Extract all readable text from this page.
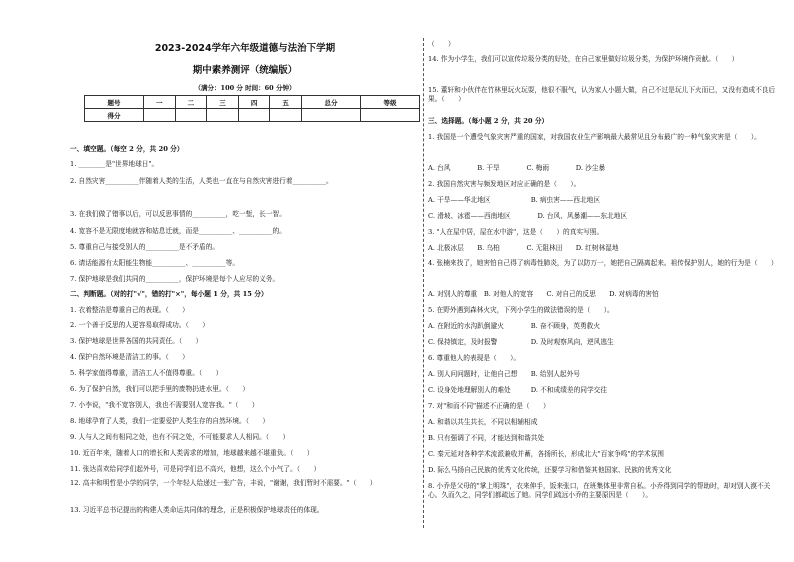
2023-2024学年六年级道德与法治下学期
期中素养测评（统编版）
（满分：100 分 时间：60 分钟）
题号	一	二	三	四	五	总分	等级
得分							
一、填空题。（每空 2 分，共 20 分）
1. ________是"世界地球日"。
2. 自然灾害__________伴随着人类的生活，人类也一直在与自然灾害进行着__________。
3. 在我们做了错事以后，可以反思事情的__________，吃一堑，长一智。
4. 宽容不是无限度地就容和姑息迁就，而是__________、__________的。
5. 尊重自己与接受别人的__________是不矛盾的。
6. 请话能源有太阳能生物能__________、__________等。
7. 保护地球是我们共同的__________，保护环境是每个人应尽的义务。
二、判断题。（对的打"√"，错的打"×"，每小题 1 分，共 15 分）
1. 衣着整洁是尊重自己的表现。（　　）
2. 一个善于反思的人更容易取得成功。（　　）
3. 保护地球是世界各国的共同责任。（　　）
4. 保护自然环境是清洁工的事。（　　）
5. 科学家值得尊重，清洁工人不值得尊重。（　　）
6. 为了保护自然，我们可以把手里的废物扔进水里。（　　）
7. 小李说，"我不宽容别人，我也不需要别人宽容我。"（　　）
8. 地球孕育了人类，我们一定要爱护人类生存的自然环境。（　　）
9. 人与人之间有相同之处，也有不同之处，不可能要求人人相同。（　　）
10. 近百年来，随着人口的增长和人类需求的增加，地球越来越不堪重负。（　　）
11. 张达喜欢给同学们起外号，可是同学们总不高兴，他想，这么个小气了。（　　）
12. 高丰和明哲是小学的同学，一个年轻人给递过一张广告，丰说，"谢谢，我们暂时不需要。"（　　）
13. 习近平总书记提出的构建人类命运共同体的理念，正是积极保护地球责任的体现。
（　　）
14. 作为小学生，我们可以宣传垃圾分类的好处，在自己家里做好垃圾分类，为保护环境作贡献。（　　）
15. 董轩和小伙伴在竹林里玩火玩耍，他很不服气，认为家人小题大做，自己不过是玩儿下火而已，又没有造成不良后果。（　　）
三、选择题。（每小题 2 分，共 20 分）
1. 我国是一个遭受气象灾害严重的国家，对我国农业生产影响最大最常见且分布最广的一种气象灾害是（　　）。
A. 台风　　　　B. 干旱　　　　C. 梅雨　　　　D. 沙尘暴
2. 我国自然灾害与频发地区对应正确的是（　　）。
A. 干旱——华北地区　　　　　　B. 病虫害——西北地区
C. 滑坡、冰雹——西南地区　　　　D. 台风、风暴潮——东北地区
3. "人在屋中居，屋在水中游"，这是（　　）的真实写照。
A. 北极冰层　　B. 乌桕　　　　C. 无阻林田　　D. 红树林湿地
4. 张楠来找了，她害怕自己得了病毒性肺炎，为了以防万一，她把自己隔离起来。祖传保护别人，她的行为是（　　）
A. 对别人的尊重　B. 对他人的宽容　　C. 对自己的反思　　D. 对病毒的害怕
5. 在野外遇到森林火灾，下列小学生的做法错误的是（　　）。
A. 在附近的水沟趴倒避火　　　　B. 奋不顾身，英勇救火
C. 保持镇定，及时报警　　　　　D. 及时观察风向，逆风逃生
6. 尊重他人的表现是（　　）。
A. 别人问问题时，让他自己想　　B. 给别人起外号
C. 设身处地理解别人的难处　　　D. 不和成绩差的同学交往
7. 对"和而不同"描述不正确的是（　　）
A. 和谐以共生共长，不同以相辅相成
B. 只有强调了不同，才能达到和谐共处
C. 秦元延对各种学术流派兼收并蓄，各扬所长，形成北大"百家争鸣"的学术氛围
D. 际么马扬自己民族的优秀文化传统，还要学习和借鉴其他国家、民族的优秀文化
8. 小乔是父母的"掌上明珠"，衣来伸手，饭来张口，在班集体里非常自私。小乔得到同学的帮助时，却对别人漠不关心。久而久之，同学们都疏远了她。同学们疏远小乔的主要原因是（　　）。
